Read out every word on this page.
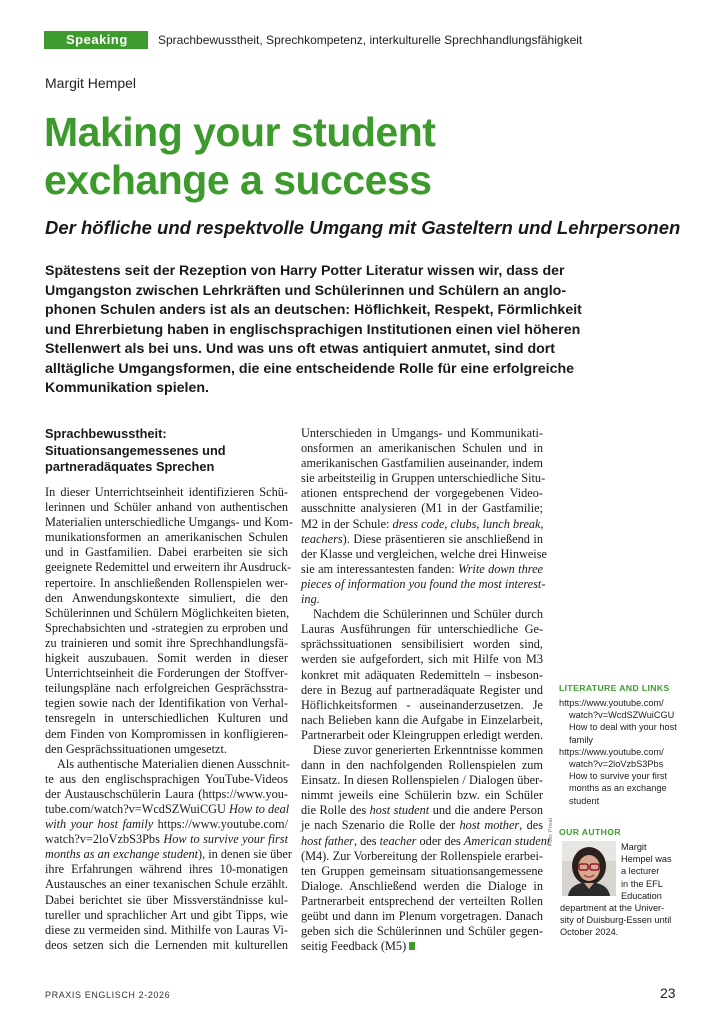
Speaking	Sprachbewusstheit, Sprechkompetenz, interkulturelle Sprechhandlungsfähigkeit
Margit Hempel
Making your student
exchange a success
Der höfliche und respektvolle Umgang mit Gasteltern und Lehrpersonen
Spätestens seit der Rezeption von Harry Potter Literatur wissen wir, dass der
Umgangston zwischen Lehrkräften und Schülerinnen und Schülern an anglo-
phonen Schulen anders ist als an deutschen: Höflichkeit, Respekt, Förmlichkeit
und Ehrerbietung haben in englischsprachigen Institutionen einen viel höheren
Stellenwert als bei uns. Und was uns oft etwas antiquiert anmutet, sind dort
alltägliche Umgangsformen, die eine entscheidende Rolle für eine erfolgreiche
Kommunikation spielen.
Sprachbewusstheit:
Situationsangemessenes und
partneradäquates Sprechen
In dieser Unterrichtseinheit identifizieren Schü-
lerinnen und Schüler anhand von authentischen
Materialien unterschiedliche Umgangs- und Kom-
munikationsformen an amerikanischen Schulen
und in Gastfamilien. Dabei erarbeiten sie sich
geeignete Redemittel und erweitern ihr Ausdruck-
repertoire. In anschließenden Rollenspielen wer-
den Anwendungskontexte simuliert, die den
Schülerinnen und Schülern Möglichkeiten bieten,
Sprechabsichten und -strategien zu erproben und
zu trainieren und somit ihre Sprechhandlungsfä-
higkeit auszubauen. Somit werden in dieser
Unterrichtseinheit die Forderungen der Stoffver-
teilungspläne nach erfolgreichen Gesprächsstra-
tegien sowie nach der Identifikation von Verhal-
tensregeln in unterschiedlichen Kulturen und
dem Finden von Kompromissen in konfligieren-
den Gesprächssituationen umgesetzt.
Als authentische Materialien dienen Ausschnit-
te aus den englischsprachigen YouTube-Videos
der Austauschschülerin Laura (https://www.you-
tube.com/watch?v=WcdSZWuiCGU How to deal
with your host family https://www.youtube.com/
watch?v=2loVzbS3Pbs How to survive your first
months as an exchange student), in denen sie über
ihre Erfahrungen während ihres 10-monatigen
Austausches an einer texanischen Schule erzählt.
Dabei berichtet sie über Missverständnisse kul-
tureller und sprachlicher Art und gibt Tipps, wie
diese zu vermeiden sind. Mithilfe von Lauras Vi-
deos setzen sich die Lernenden mit kulturellen
Unterschieden in Umgangs- und Kommunikati-
onsformen an amerikanischen Schulen und in
amerikanischen Gastfamilien auseinander, indem
sie arbeitsteilig in Gruppen unterschiedliche Situ-
ationen entsprechend der vorgegebenen Video-
ausschnitte analysieren (M1 in der Gastfamilie;
M2 in der Schule: dress code, clubs, lunch break,
teachers). Diese präsentieren sie anschließend in
der Klasse und vergleichen, welche drei Hinweise
sie am interessantesten fanden: Write down three
pieces of information you found the most interest-
ing.
Nachdem die Schülerinnen und Schüler durch
Lauras Ausführungen für unterschiedliche Ge-
sprächssituationen sensibilisiert worden sind,
werden sie aufgefordert, sich mit Hilfe von M3
konkret mit adäquaten Redemitteln – insbeson-
dere in Bezug auf partneradäquate Register und
Höflichkeitsformen - auseinanderzusetzen. Je
nach Belieben kann die Aufgabe in Einzelarbeit,
Partnerarbeit oder Kleingruppen erledigt werden.
Diese zuvor generierten Erkenntnisse kommen
dann in den nachfolgenden Rollenspielen zum
Einsatz. In diesen Rollenspielen / Dialogen über-
nimmt jeweils eine Schülerin bzw. ein Schüler
die Rolle des host student und die andere Person
je nach Szenario die Rolle der host mother, des
host father, des teacher oder des American student
(M4). Zur Vorbereitung der Rollenspiele erarbei-
ten Gruppen gemeinsam situationsangemessene
Dialoge. Anschließend werden die Dialoge in
Partnerarbeit entsprechend der verteilten Rollen
geübt und dann im Plenum vorgetragen. Danach
geben sich die Schülerinnen und Schüler gegen-
seitig Feedback (M5)
LITERATURE AND LINKS
https://www.youtube.com/
watch?v=WcdSZWuiCGU
How to deal with your host
family
https://www.youtube.com/
watch?v=2loVzbS3Pbs
How to survive your first
months as an exchange
student
OUR AUTHOR
Foto: Privat
Margit
Hempel was
a lecturer
in the EFL
Education
department at the Univer-
sity of Duisburg-Essen until
October 2024.
PRAXIS ENGLISCH 2-2026	23
